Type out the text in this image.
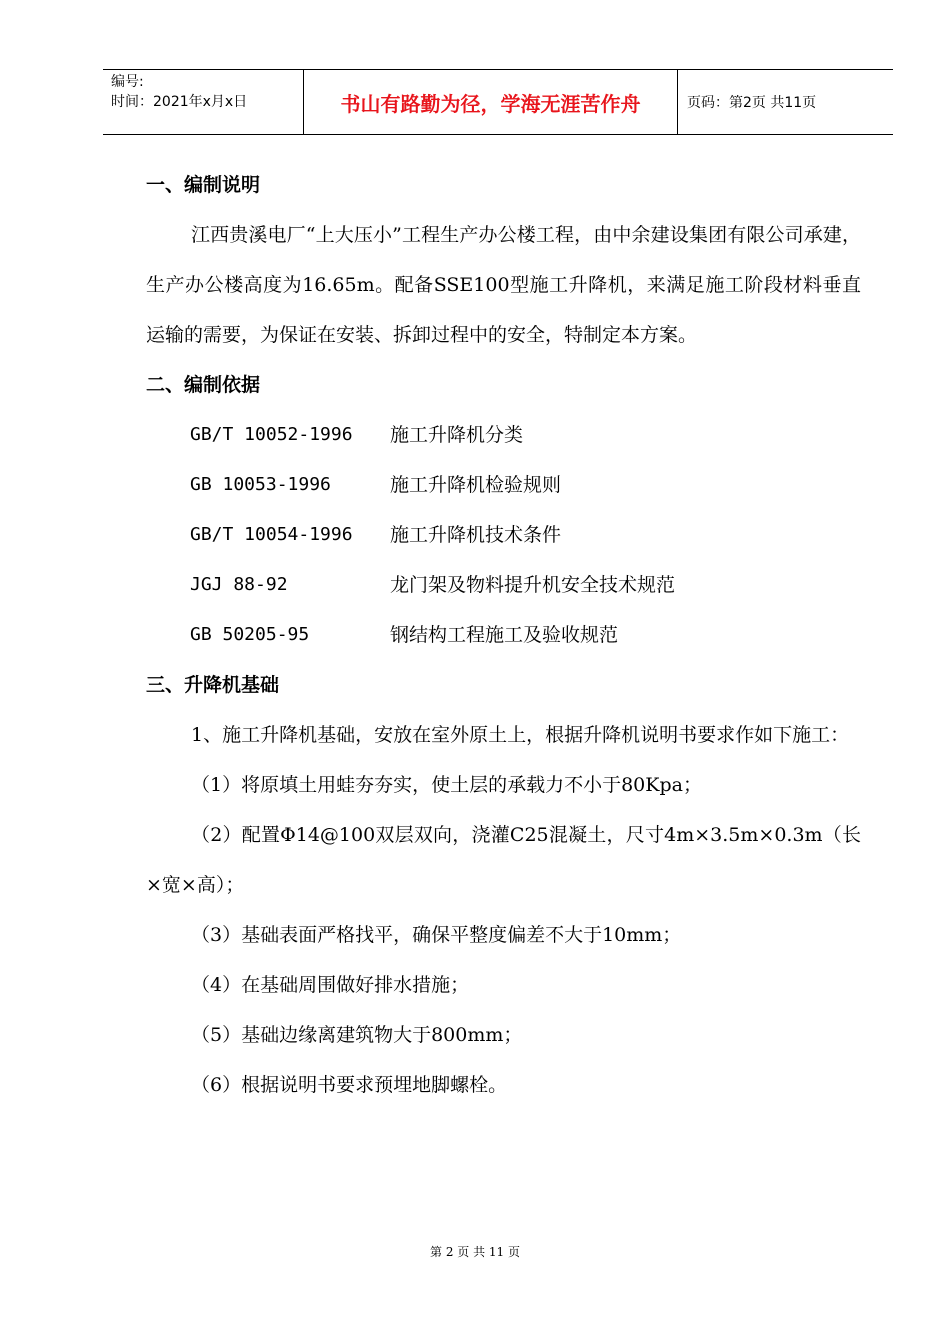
编号:
时间：2021年x月x日	书山有路勤为径，学海无涯苦作舟	页码：第2页 共11页
一、编制说明
江西贵溪电厂“上大压小”工程生产办公楼工程，由中余建设集团有限公司承建，生产办公楼高度为16.65m。配备SSE100型施工升降机，来满足施工阶段材料垂直运输的需要，为保证在安装、拆卸过程中的安全，特制定本方案。
二、编制依据
GB/T 10052-1996	施工升降机分类
GB 10053-1996	施工升降机检验规则
GB/T 10054-1996	施工升降机技术条件
JGJ 88-92	龙门架及物料提升机安全技术规范
GB 50205-95	钢结构工程施工及验收规范
三、升降机基础
1、施工升降机基础，安放在室外原土上，根据升降机说明书要求作如下施工：
（1）将原填土用蛙夯夯实，使土层的承载力不小于80Kpa；
（2）配置Φ14@100双层双向，浇灌C25混凝土，尺寸4m×3.5m×0.3m（长×宽×高）；
（3）基础表面严格找平，确保平整度偏差不大于10mm；
（4）在基础周围做好排水措施；
（5）基础边缘离建筑物大于800mm；
（6）根据说明书要求预埋地脚螺栓。
第 2 页 共 11 页
